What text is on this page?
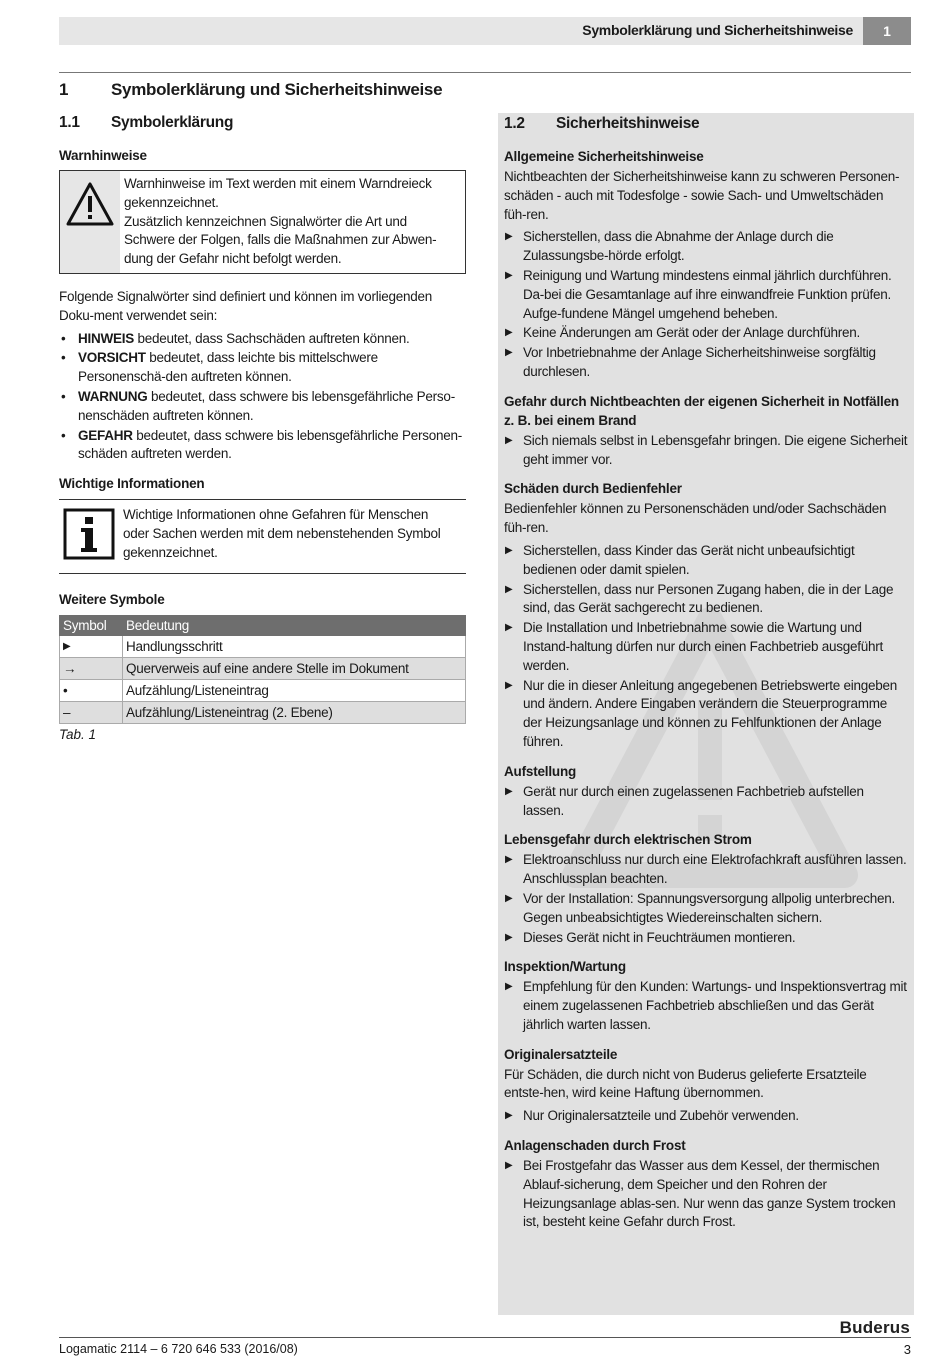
Symbolerklärung und Sicherheitshinweise	1
1	Symbolerklärung und Sicherheitshinweise
1.1 Symbolerklärung
Warnhinweise
Warnhinweise im Text werden mit einem Warndreieck
gekennzeichnet.
Zusätzlich kennzeichnen Signalwörter die Art und
Schwere der Folgen, falls die Maßnahmen zur Abwen-
dung der Gefahr nicht befolgt werden.

Folgende Signalwörter sind definiert und können im vorliegenden Doku-ment verwendet sein:

• HINWEIS bedeutet, dass Sachschäden auftreten können.
• VORSICHT bedeutet, dass leichte bis mittelschwere Personenschä-den auftreten können.
• WARNUNG bedeutet, dass schwere bis lebensgefährliche Perso-nenschäden auftreten können.
• GEFAHR bedeutet, dass schwere bis lebensgefährliche Personen-schäden auftreten werden.
Wichtige Informationen
Wichtige Informationen ohne Gefahren für Menschen
oder Sachen werden mit dem nebenstehenden Symbol
gekennzeichnet.
Weitere Symbole
Symbol	Bedeutung
▶	Handlungsschritt
→	Querverweis auf eine andere Stelle im Dokument
•	Aufzählung/Listeneintrag
–	Aufzählung/Listeneintrag (2. Ebene)
Tab. 1
1.2 Sicherheitshinweise
Allgemeine Sicherheitshinweise

Nichtbeachten der Sicherheitshinweise kann zu schweren Personen-schäden - auch mit Todesfolge - sowie Sach- und Umweltschäden füh-ren.

▶ Sicherstellen, dass die Abnahme der Anlage durch die Zulassungsbe-hörde erfolgt.
▶ Reinigung und Wartung mindestens einmal jährlich durchführen. Da-bei die Gesamtanlage auf ihre einwandfreie Funktion prüfen. Aufge-fundene Mängel umgehend beheben.
▶ Keine Änderungen am Gerät oder der Anlage durchführen.
▶ Vor Inbetriebnahme der Anlage Sicherheitshinweise sorgfältig durchlesen.
Gefahr durch Nichtbeachten der eigenen Sicherheit in Notfällen z. B. bei einem Brand
▶ Sich niemals selbst in Lebensgefahr bringen. Die eigene Sicherheit geht immer vor.
Schäden durch Bedienfehler

Bedienfehler können zu Personenschäden und/oder Sachschäden füh-ren.

▶ Sicherstellen, dass Kinder das Gerät nicht unbeaufsichtigt bedienen oder damit spielen.
▶ Sicherstellen, dass nur Personen Zugang haben, die in der Lage sind, das Gerät sachgerecht zu bedienen.
▶ Die Installation und Inbetriebnahme sowie die Wartung und Instand-haltung dürfen nur durch einen Fachbetrieb ausgeführt werden.
▶ Nur die in dieser Anleitung angegebenen Betriebswerte eingeben und ändern. Andere Eingaben verändern die Steuerprogramme der Heizungsanlage und können zu Fehlfunktionen der Anlage führen.
Aufstellung
▶ Gerät nur durch einen zugelassenen Fachbetrieb aufstellen lassen.
Lebensgefahr durch elektrischen Strom
▶ Elektroanschluss nur durch eine Elektrofachkraft ausführen lassen. Anschlussplan beachten.
▶ Vor der Installation: Spannungsversorgung allpolig unterbrechen. Gegen unbeabsichtigtes Wiedereinschalten sichern.
▶ Dieses Gerät nicht in Feuchträumen montieren.
Inspektion/Wartung
▶ Empfehlung für den Kunden: Wartungs- und Inspektionsvertrag mit einem zugelassenen Fachbetrieb abschließen und das Gerät jährlich warten lassen.
Originalersatzteile

Für Schäden, die durch nicht von Buderus gelieferte Ersatzteile entste-hen, wird keine Haftung übernommen.

▶ Nur Originalersatzteile und Zubehör verwenden.
Anlagenschaden durch Frost
▶ Bei Frostgefahr das Wasser aus dem Kessel, der thermischen Ablauf-sicherung, dem Speicher und den Rohren der Heizungsanlage ablas-sen. Nur wenn das ganze System trocken ist, besteht keine Gefahr durch Frost.
Buderus
Logamatic 2114 – 6 720 646 533 (2016/08)	3
